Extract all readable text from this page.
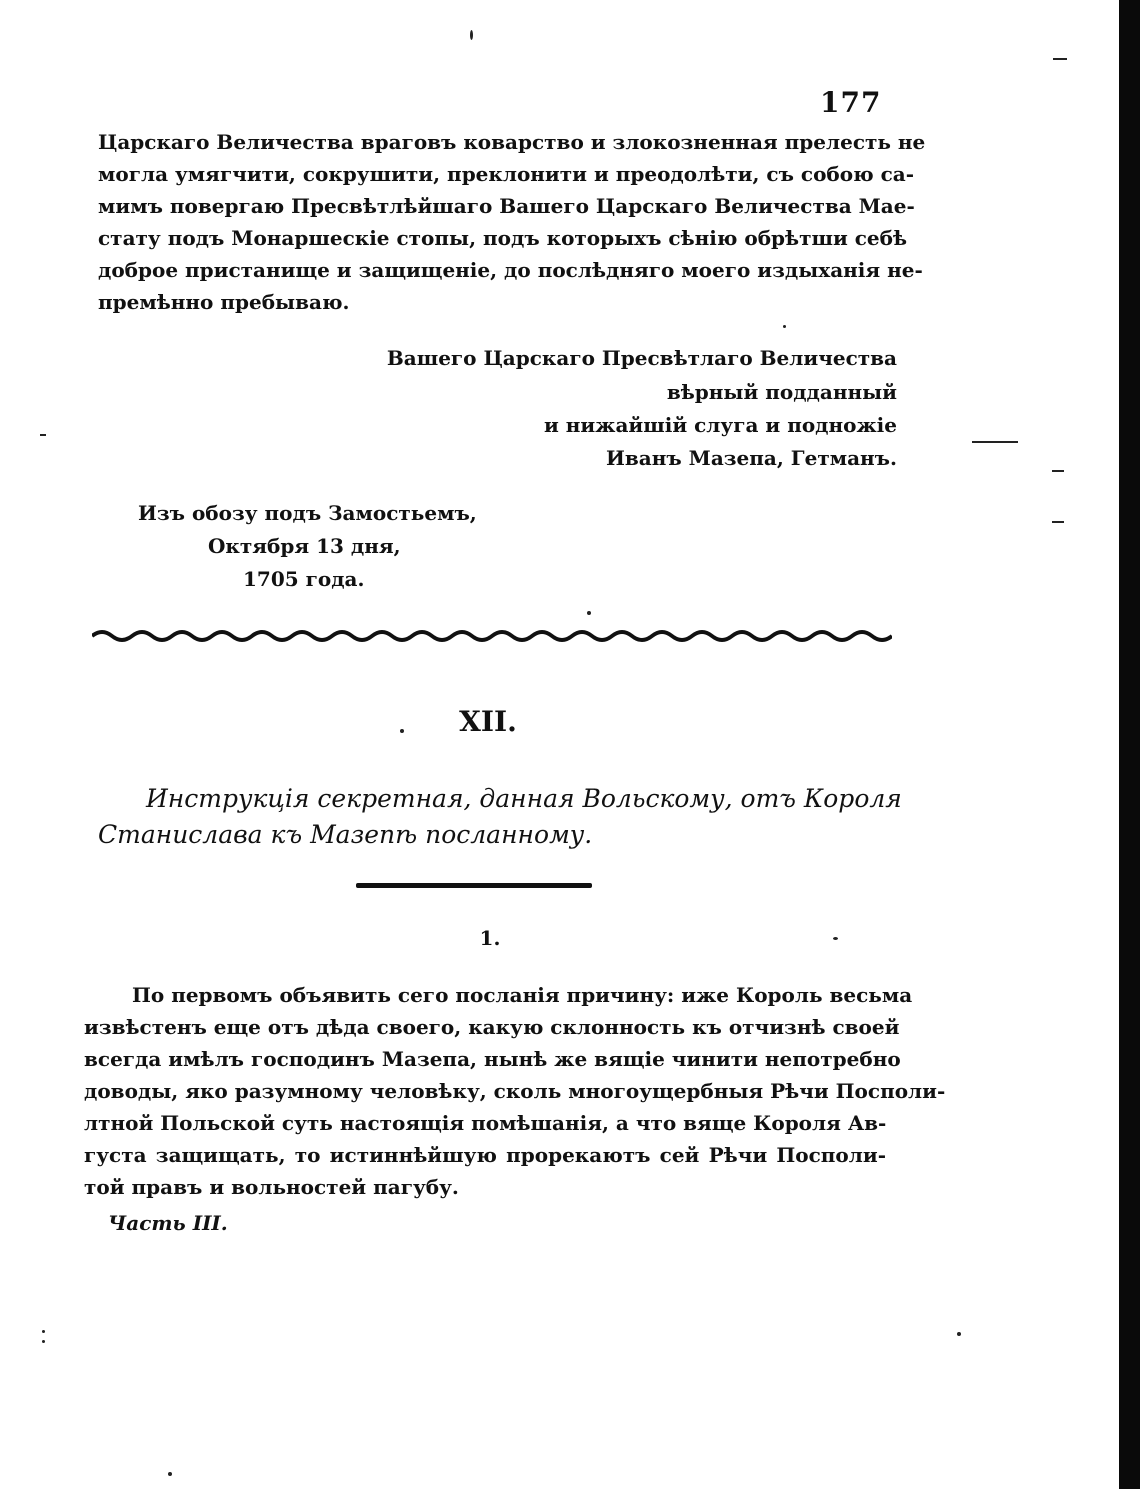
177
Царскаго Величества враговъ коварство и злокозненная прелесть не
могла умягчити, сокрушити, преклонити и преодолѣти, съ собою са-
мимъ повергаю Пресвѣтлѣйшаго Вашего Царскаго Величества Мае-
стату подъ Монаршескіе стопы, подъ которыхъ сѣнію обрѣтши себѣ
доброе пристанище и защищеніе, до послѣдняго моего издыханія не-
премѣнно пребываю.
Вашего Царскаго Пресвѣтлаго Величества
вѣрный подданный
и нижайшій слуга и подножіе
Иванъ Мазепа, Гетманъ.
Изъ обозу подъ Замостьемъ,
Октября 13 дня,
1705 года.
XII.
Инструкція секретная, данная Вольскому, отъ Короля
Станислава къ Мазепѣ посланному.
1.
По первомъ объявить сего посланія причину: иже Король весьма
извѣстенъ еще отъ дѣда своего, какую склонность къ отчизнѣ своей
всегда имѣлъ господинъ Мазепа, нынѣ же вящіе чинити непотребно
доводы, яко разумному человѣку, сколь многоущербныя Рѣчи Посполи-
лтной Польской суть настоящія помѣшанія, а что вяще Короля Ав-
густа защищать, то истиннѣйшую прорекаютъ сей Рѣчи Посполи-
той правъ и вольностей пагубу.
Часть III.
